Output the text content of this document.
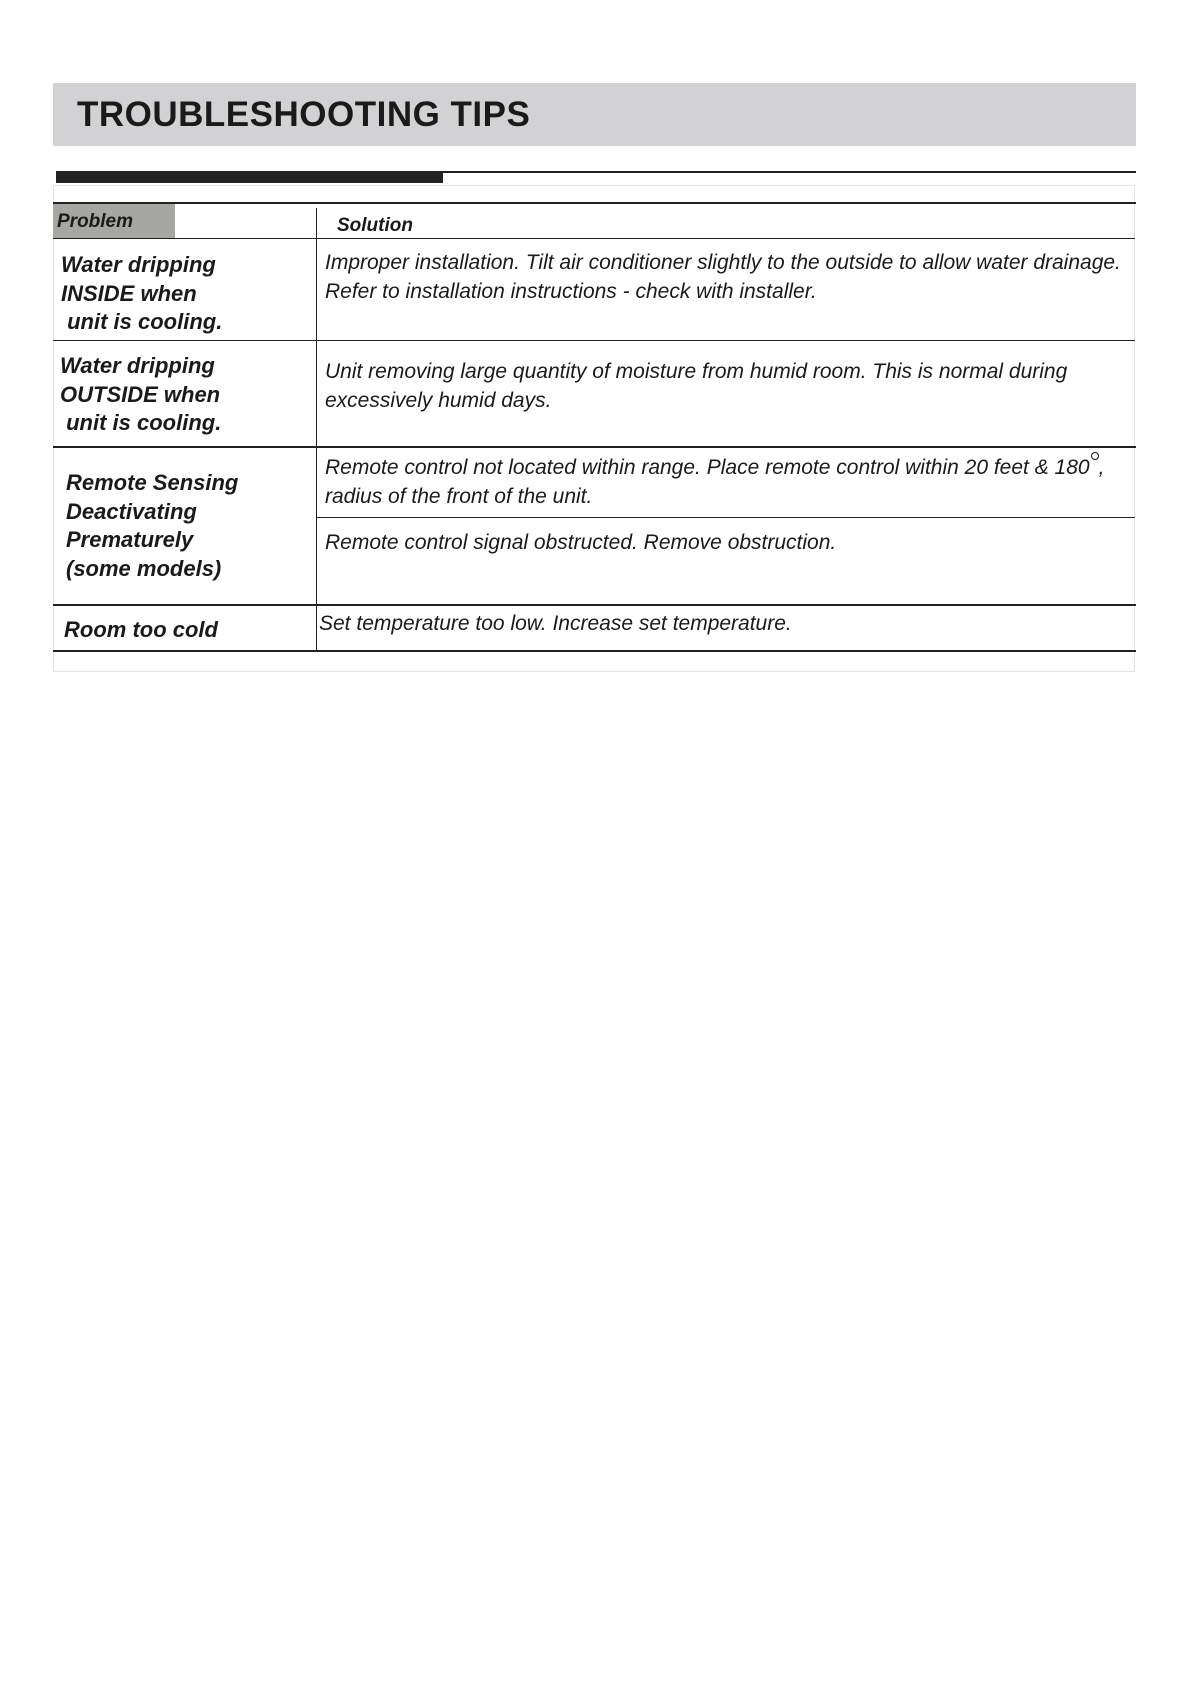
TROUBLESHOOTING TIPS
Problem	Solution
Water dripping
INSIDE when
unit is cooling.
Improper installation. Tilt air conditioner slightly to the outside to allow water drainage.
Refer to installation instructions - check with installer.
Water dripping
OUTSIDE when
unit is cooling.
Unit removing large quantity of moisture from humid room. This is normal during
excessively humid days.
Remote Sensing
Deactivating
Prematurely
(some models)
Remote control not located within range. Place remote control within 20 feet & 180 ,
radius of the front of the unit.
Remote control signal obstructed. Remove obstruction.
Room too cold	Set temperature too low. Increase set temperature.
